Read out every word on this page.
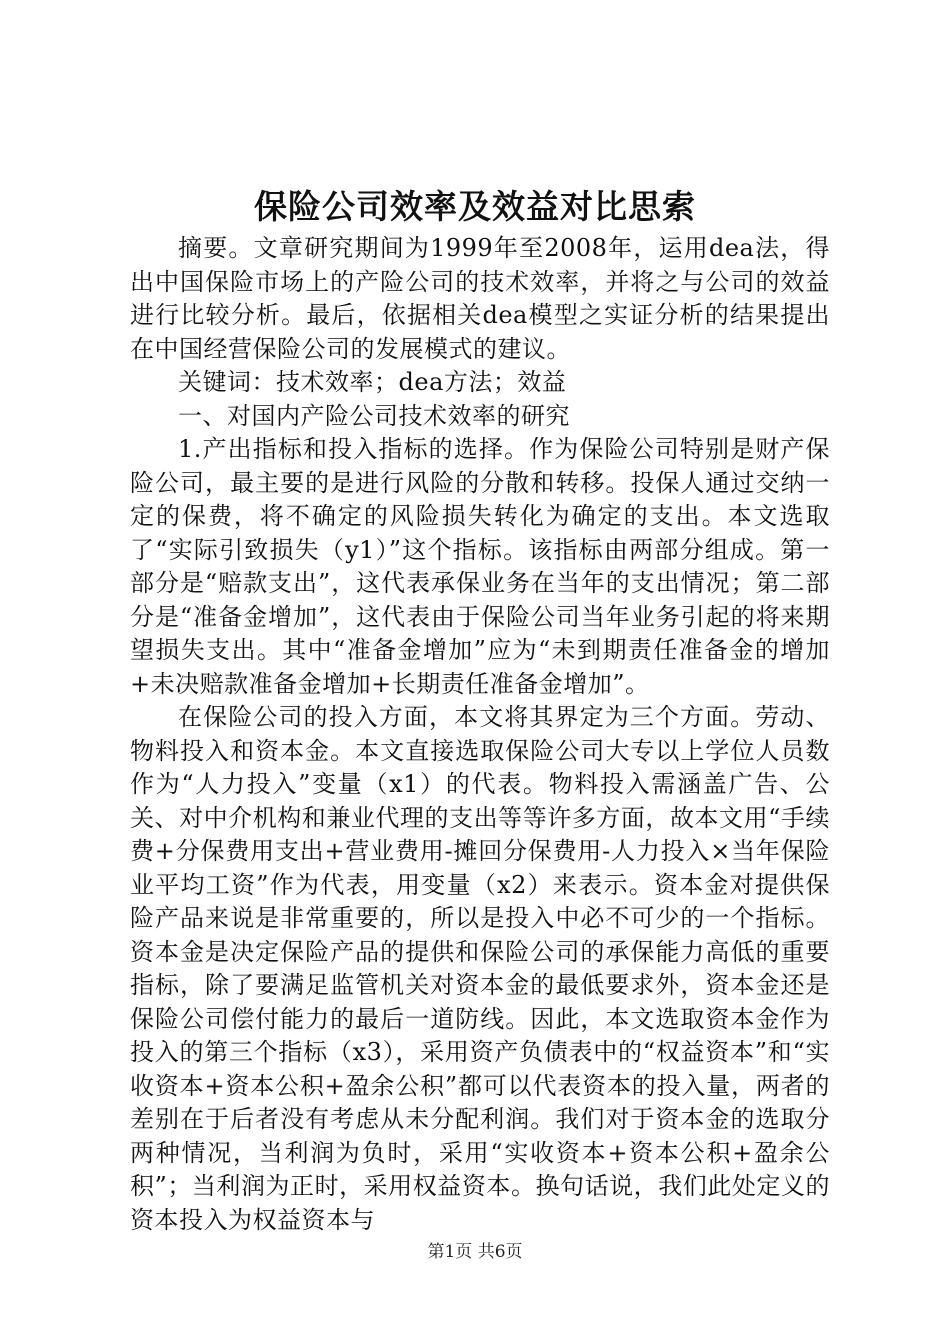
保险公司效率及效益对比思索

摘要。文章研究期间为1999年至2008年，运用dea法，得出中国保险市场上的产险公司的技术效率，并将之与公司的效益进行比较分析。最后，依据相关dea模型之实证分析的结果提出在中国经营保险公司的发展模式的建议。

关键词：技术效率；dea方法；效益

一、对国内产险公司技术效率的研究

1.产出指标和投入指标的选择。作为保险公司特别是财产保险公司，最主要的是进行风险的分散和转移。投保人通过交纳一定的保费，将不确定的风险损失转化为确定的支出。本文选取了“实际引致损失（y1）”这个指标。该指标由两部分组成。第一部分是“赔款支出”，这代表承保业务在当年的支出情况；第二部分是“准备金增加”，这代表由于保险公司当年业务引起的将来期望损失支出。其中“准备金增加”应为“未到期责任准备金的增加+未决赔款准备金增加+长期责任准备金增加”。

在保险公司的投入方面，本文将其界定为三个方面。劳动、物料投入和资本金。本文直接选取保险公司大专以上学位人员数作为“人力投入”变量（x1）的代表。物料投入需涵盖广告、公关、对中介机构和兼业代理的支出等等许多方面，故本文用“手续费+分保费用支出+营业费用-摊回分保费用-人力投入×当年保险业平均工资”作为代表，用变量（x2）来表示。资本金对提供保险产品来说是非常重要的，所以是投入中必不可少的一个指标。资本金是决定保险产品的提供和保险公司的承保能力高低的重要指标，除了要满足监管机关对资本金的最低要求外，资本金还是保险公司偿付能力的最后一道防线。因此，本文选取资本金作为投入的第三个指标（x3），采用资产负债表中的“权益资本”和“实收资本+资本公积+盈余公积”都可以代表资本的投入量，两者的差别在于后者没有考虑从未分配利润。我们对于资本金的选取分两种情况，当利润为负时，采用“实收资本+资本公积+盈余公积”；当利润为正时，采用权益资本。换句话说，我们此处定义的资本投入为权益资本与

第1页 共6页
